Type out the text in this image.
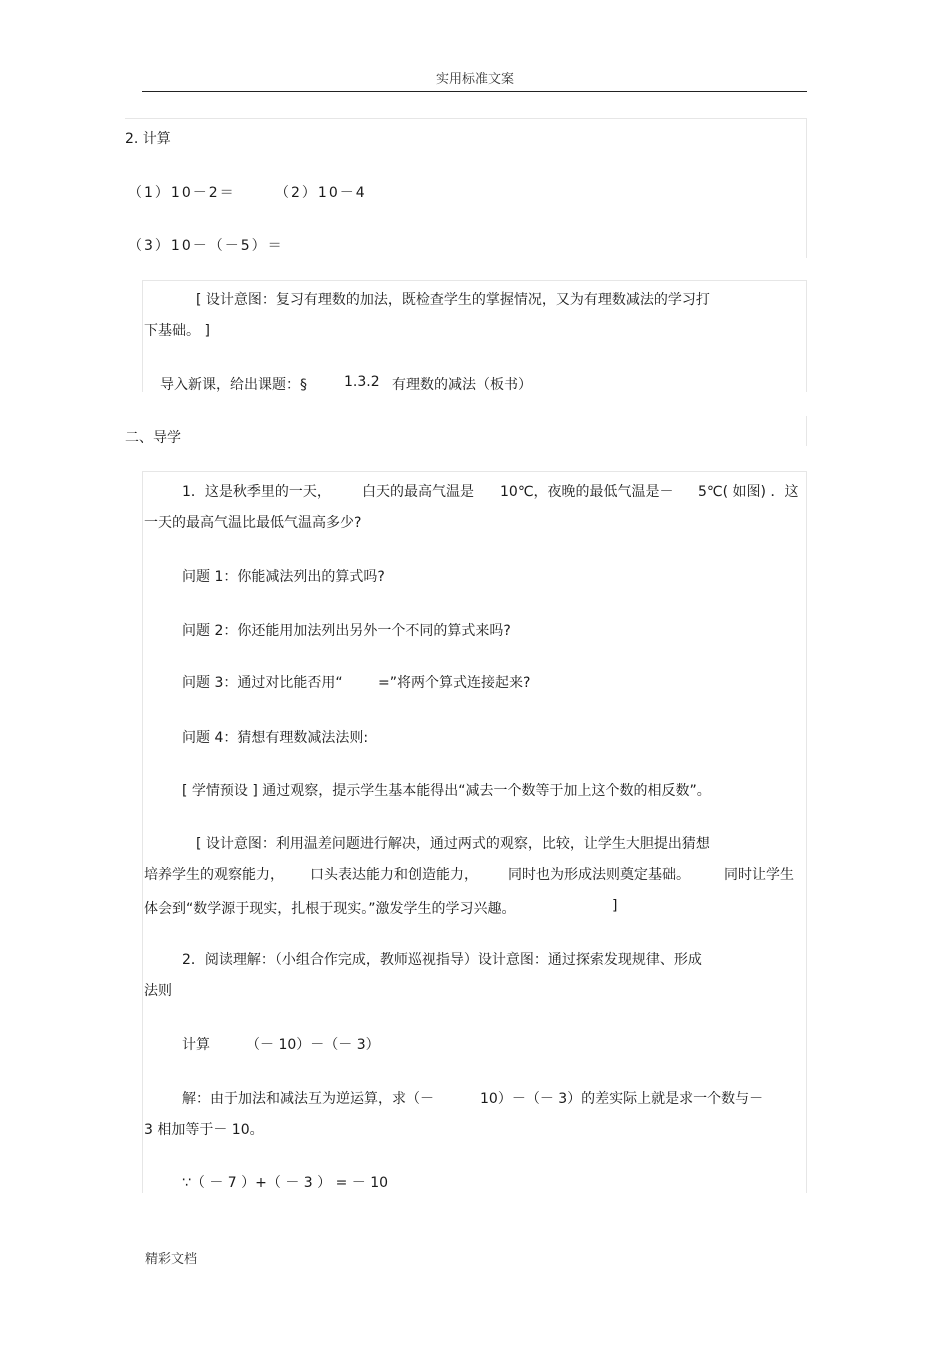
实用标准文案
2. 计算
（1）10－2＝	（2）10－4
（3）10－（－5）＝
[ 设计意图：复习有理数的加法，既检查学生的掌握情况，又为有理数减法的学习打
下基础。 ]
导入新课，给出课题：§	1.3.2 有理数的减法（板书）
二、导学
1．这是秋季里的一天， 白天的最高气温是 10℃，夜晚的最低气温是－ 5℃( 如图) ．这
一天的最高气温比最低气温高多少?
问题 1：你能减法列出的算式吗?
问题 2：你还能用加法列出另外一个不同的算式来吗?
问题 3：通过对比能否用“	=”将两个算式连接起来?
问题 4：猜想有理数减法法则:
[ 学情预设 ] 通过观察，提示学生基本能得出“减去一个数等于加上这个数的相反数”。
[ 设计意图：利用温差问题进行解决，通过两式的观察，比较，让学生大胆提出猜想
培养学生的观察能力， 口头表达能力和创造能力， 同时也为形成法则奠定基础。 同时让学生
体会到“数学源于现实，扎根于现实。”激发学生的学习兴趣。	]
2．阅读理解：（小组合作完成，教师巡视指导）设计意图：通过探索发现规律、形成
法则
计算	（－ 10）－（－ 3）
解：由于加法和减法互为逆运算，求（－	10）－（－ 3）的差实际上就是求一个数与－
3 相加等于－ 10。
∵（ － 7 ）+（ － 3 ） = － 10
精彩文档
